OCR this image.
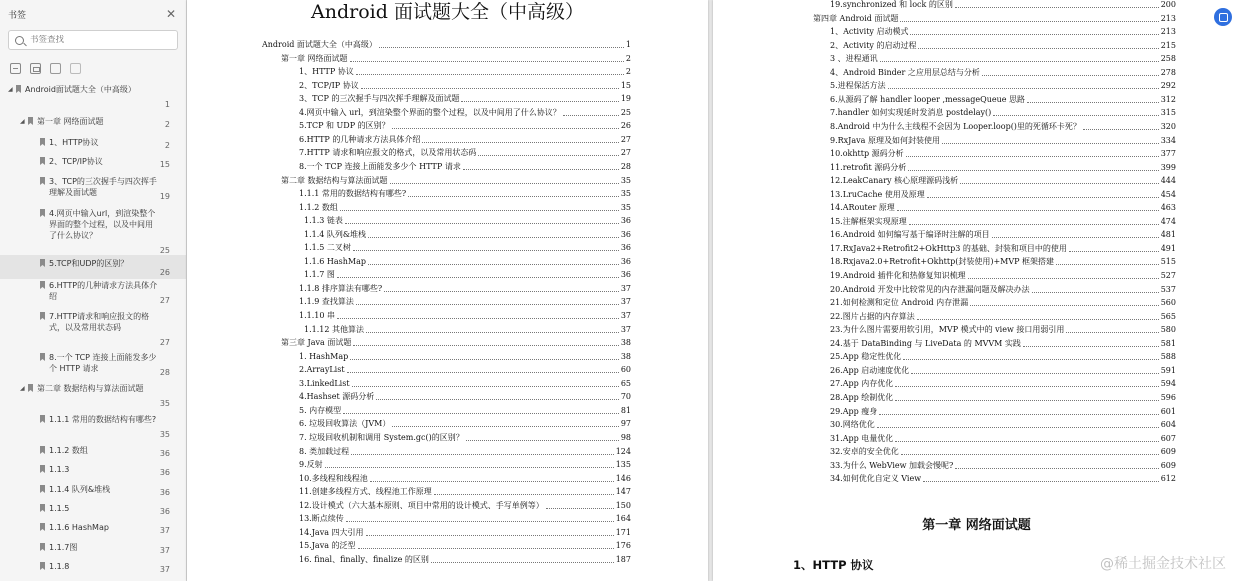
书签	✕
书签查找
◢ Android面试题大全（中高级）
1
◢ 第一章 网络面试题	2
1、HTTP协议	2
2、TCP/IP协议	15
3、TCP的三次握手与四次挥手理解及面试题	19
4.网页中输入url，到渲染整个界面的整个过程，以及中间用了什么协议？
25
5.TCP和UDP的区别？
26
6.HTTP的几种请求方法具体介绍	27
7.HTTP请求和响应报文的格式，以及常用状态码
27
8.一个 TCP 连接上面能发多少个 HTTP 请求	28
◢ 第二章 数据结构与算法面试题
35
1.1.1 常用的数据结构有哪些?
35
1.1.2 数组	36
1.1.3	36
1.1.4 队列&堆栈	36
1.1.5	36
1.1.6 HashMap	37
1.1.7图	37
1.1.8	37
Android 面试题大全（中高级）
Android 面试题大全（中高级）	1
第一章 网络面试题	2
1、HTTP 协议	2
2、TCP/IP 协议	15
3、TCP 的三次握手与四次挥手理解及面试题	19
4.网页中输入 url，到渲染整个界面的整个过程，以及中间用了什么协议？	25
5.TCP 和 UDP 的区别？	26
6.HTTP 的几种请求方法具体介绍	27
7.HTTP 请求和响应报文的格式，以及常用状态码	27
8.一个 TCP 连接上面能发多少个 HTTP 请求	28
第二章 数据结构与算法面试题	35
1.1.1 常用的数据结构有哪些?	35
1.1.2 数组	35
1.1.3 链表	36
1.1.4 队列&堆栈	36
1.1.5 二叉树	36
1.1.6 HashMap	36
1.1.7 图	36
1.1.8 排序算法有哪些?	37
1.1.9 查找算法	37
1.1.10 串	37
1.1.12 其他算法	37
第三章 Java 面试题	38
1. HashMap	38
2.ArrayList	60
3.LinkedList	65
4.Hashset 源码分析	70
5. 内存模型	81
6. 垃圾回收算法（JVM）	97
7. 垃圾回收机制和调用 System.gc()的区别？	98
8. 类加载过程	124
9.反射	135
10.多线程和线程池	146
11.创建多线程方式、线程池工作原理	147
12.设计模式（六大基本原则、项目中常用的设计模式、手写单例等）	150
13.断点续传	164
14.Java 四大引用	171
15.Java 的泛型	176
16. final、finally、finalize 的区别	187
第一章 网络面试题
1、HTTP 协议	@稀土掘金技术社区
19.synchronized 和 lock 的区别	200
第四章 Android 面试题	213
1、Activity 启动模式	213
2、Activity 的启动过程	215
3 、进程通讯	258
4、Android Binder 之应用层总结与分析	278
5.进程保活方法	292
6.从源码了解 handler looper ,messageQueue 思路	312
7.handler 如何实现延时发消息 postdelay()	315
8.Android 中为什么主线程不会因为 Looper.loop()里的死循环卡死？	320
9.RxJava 原理及如何封装使用	334
10.okhttp 源码分析	377
11.retrofit 源码分析	399
12.LeakCanary 核心原理源码浅析	444
13.LruCache 使用及原理	454
14.ARouter 原理	463
15.注解框架实现原理	474
16.Android 如何编写基于编译时注解的项目	481
17.RxJava2+Retrofit2+OkHttp3 的基础、封装和项目中的使用	491
18.Rxjava2.0+Retrofit+Okhttp(封装使用)+MVP 框架搭建	515
19.Android 插件化和热修复知识梳理	527
20.Android 开发中比较常见的内存泄漏问题及解决办法	537
21.如何检测和定位 Android 内存泄漏	560
22.图片占据的内存算法	565
23.为什么图片需要用软引用，MVP 模式中的 view 接口用弱引用	580
24.基于 DataBinding 与 LiveData 的 MVVM 实践	581
25.App 稳定性优化	588
26.App 启动速度优化	591
27.App 内存优化	594
28.App 绘制优化	596
29.App 瘦身	601
30.网络优化	604
31.App 电量优化	607
32.安卓的安全优化	609
33.为什么 WebView 加载会慢呢?	609
34.如何优化自定义 View	612
